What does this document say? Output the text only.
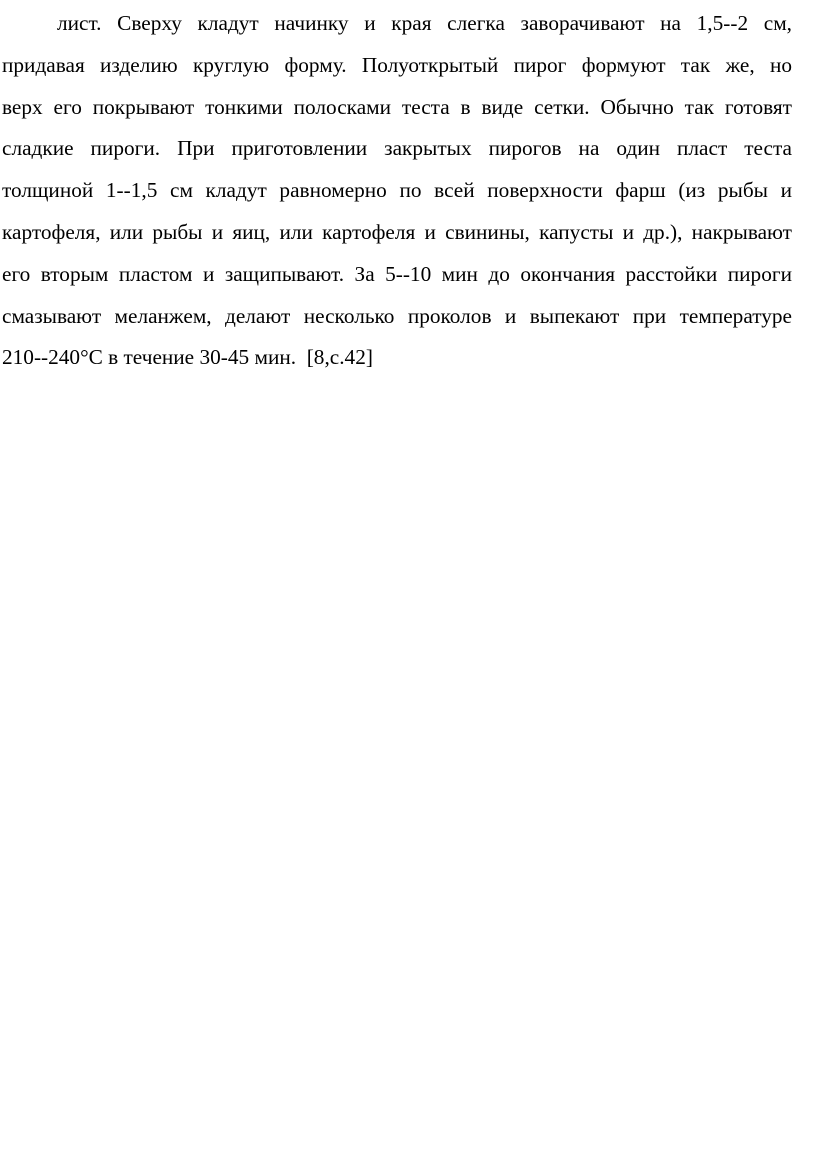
лист. Сверху кладут начинку и края слегка заворачивают на 1,5--2 см,
придавая изделию круглую форму. Полуоткрытый пирог формуют так же, но
верх его покрывают тонкими полосками теста в виде сетки. Обычно так готовят
сладкие пироги. При приготовлении закрытых пирогов на один пласт теста
толщиной 1--1,5 см кладут равномерно по всей поверхности фарш (из рыбы и
картофеля, или рыбы и яиц, или картофеля и свинины, капусты и др.), накрывают
его вторым пластом и защипывают. За 5--10 мин до окончания расстойки пироги
смазывают меланжем, делают несколько проколов и выпекают при температуре
210--240°С в течение 30-45 мин.  [8,с.42]
